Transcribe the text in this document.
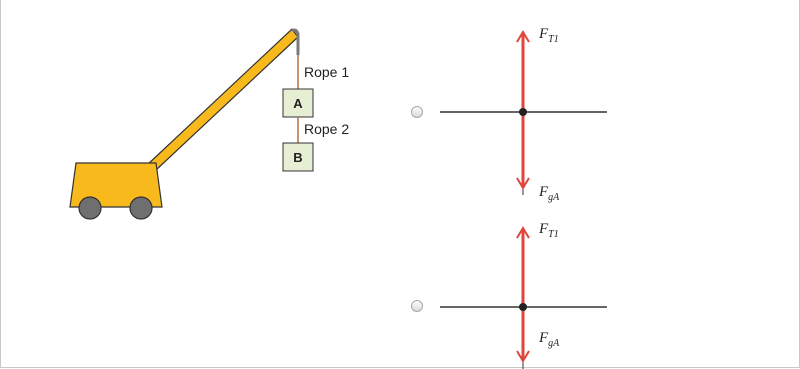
Rope 1
A
Rope 2
B
$F_{T1}$
$F_{gA}$
$F_{T1}$
$F_{gA}$
